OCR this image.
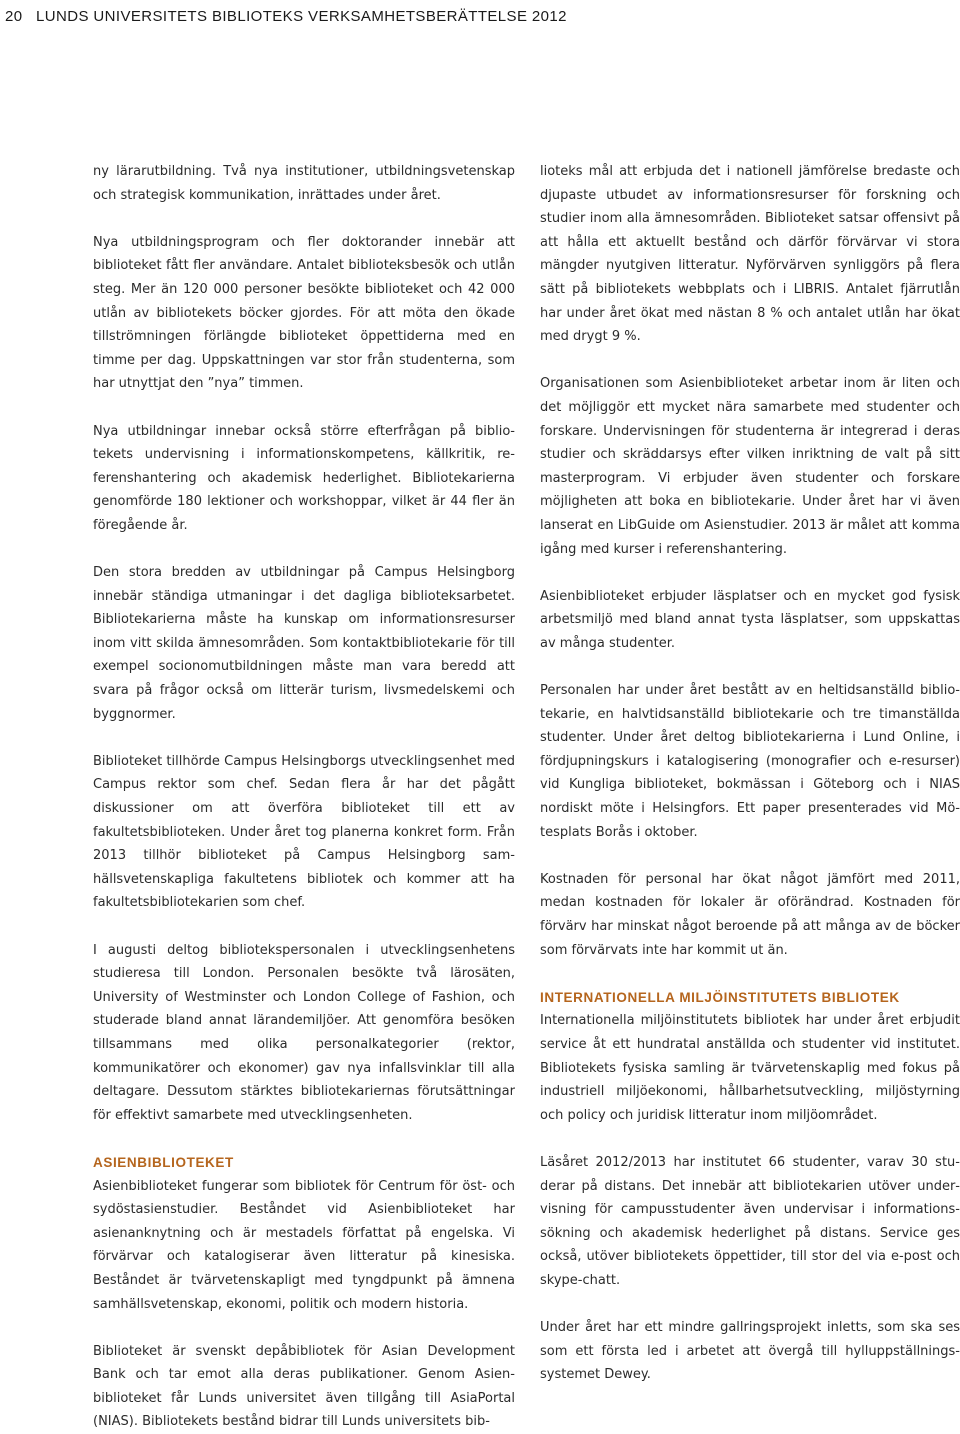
20 LUNDS UNIVERSITETS BIBLIOTEKS VERKSAMHETSBERÄTTELSE 2012

ny lärarutbildning. Två nya institutioner, utbildningsvetenskap och strategisk kommunikation, inrättades under året.

Nya utbildningsprogram och fler doktorander innebär att biblioteket fått fler användare. Antalet biblioteksbesök och utlån steg. Mer än 120 000 personer besökte biblioteket och 42 000 utlån av bibliotekets böcker gjordes. För att möta den ökade tillströmningen förlängde biblioteket öppettiderna med en timme per dag. Uppskattningen var stor från studenterna, som har utnyttjat den ”nya” timmen.

Nya utbildningar innebar också större efterfrågan på bibliotekets undervisning i informationskompetens, källkritik, referenshantering och akademisk hederlighet. Bibliotekarierna genomförde 180 lektioner och workshoppar, vilket är 44 fler än föregående år.

Den stora bredden av utbildningar på Campus Helsingborg innebär ständiga utmaningar i det dagliga biblioteksarbetet. Bibliotekarierna måste ha kunskap om informationsresurser inom vitt skilda ämnesområden. Som kontaktbibliotekarie för till exempel socionomutbildningen måste man vara beredd att svara på frågor också om litterär turism, livsmedelskemi och byggnormer.

Biblioteket tillhörde Campus Helsingborgs utvecklingsenhet med Campus rektor som chef. Sedan flera år har det pågått diskussioner om att överföra biblioteket till ett av fakultetsbiblioteken. Under året tog planerna konkret form. Från 2013 tillhör biblioteket på Campus Helsingborg samhällsvetenskapliga fakultetens bibliotek och kommer att ha fakultetsbibliotekarien som chef.

I augusti deltog bibliotekspersonalen i utvecklingsenhetens studieresa till London. Personalen besökte två lärosäten, University of Westminster och London College of Fashion, och studerade bland annat lärandemiljöer. Att genomföra besöken tillsammans med olika personalkategorier (rektor, kommunikatörer och ekonomer) gav nya infallsvinklar till alla deltagare. Dessutom stärktes bibliotekariernas förutsättningar för effektivt samarbete med utvecklingsenheten.

ASIENBIBLIOTEKET

Asienbiblioteket fungerar som bibliotek för Centrum för öst- och sydöstasienstudier. Beståndet vid Asienbiblioteket har asienanknytning och är mestadels författat på engelska. Vi förvärvar och katalogiserar även litteratur på kinesiska. Beståndet är tvärvetenskapligt med tyngdpunkt på ämnena samhällsvetenskap, ekonomi, politik och modern historia.

Biblioteket är svenskt depåbibliotek för Asian Development Bank och tar emot alla deras publikationer. Genom Asienbiblioteket får Lunds universitet även tillgång till AsiaPortal (NIAS). Bibliotekets bestånd bidrar till Lunds universitets bib-

lioteks mål att erbjuda det i nationell jämförelse bredaste och djupaste utbudet av informationsresurser för forskning och studier inom alla ämnesområden. Biblioteket satsar offensivt på att hålla ett aktuellt bestånd och därför förvärvar vi stora mängder nyutgiven litteratur. Nyförvärven synliggörs på flera sätt på bibliotekets webbplats och i LIBRIS. Antalet fjärrutlån har under året ökat med nästan 8 % och antalet utlån har ökat med drygt 9 %.

Organisationen som Asienbiblioteket arbetar inom är liten och det möjliggör ett mycket nära samarbete med studenter och forskare. Undervisningen för studenterna är integrerad i deras studier och skräddarsys efter vilken inriktning de valt på sitt masterprogram. Vi erbjuder även studenter och forskare möjligheten att boka en bibliotekarie. Under året har vi även lanserat en LibGuide om Asienstudier. 2013 är målet att komma igång med kurser i referenshantering.

Asienbiblioteket erbjuder läsplatser och en mycket god fysisk arbetsmiljö med bland annat tysta läsplatser, som uppskattas av många studenter.

Personalen har under året bestått av en heltidsanställd bibliotekarie, en halvtidsanställd bibliotekarie och tre timanställda studenter. Under året deltog bibliotekarierna i Lund Online, i fördjupningskurs i katalogisering (monografier och e-resurser) vid Kungliga biblioteket, bokmässan i Göteborg och i NIAS nordiskt möte i Helsingfors. Ett paper presenterades vid Mötesplats Borås i oktober.

Kostnaden för personal har ökat något jämfört med 2011, medan kostnaden för lokaler är oförändrad. Kostnaden för förvärv har minskat något beroende på att många av de böcker som förvärvats inte har kommit ut än.

INTERNATIONELLA MILJÖINSTITUTETS BIBLIOTEK

Internationella miljöinstitutets bibliotek har under året erbjudit service åt ett hundratal anställda och studenter vid institutet. Bibliotekets fysiska samling är tvärvetenskaplig med fokus på industriell miljöekonomi, hållbarhetsutveckling, miljöstyrning och policy och juridisk litteratur inom miljöområdet.

Läsåret 2012/2013 har institutet 66 studenter, varav 30 studerar på distans. Det innebär att bibliotekarien utöver undervisning för campusstudenter även undervisar i informationssökning och akademisk hederlighet på distans. Service ges också, utöver bibliotekets öppettider, till stor del via e-post och skype-chatt.

Under året har ett mindre gallringsprojekt inletts, som ska ses som ett första led i arbetet att övergå till hylluppställningssystemet Dewey.
